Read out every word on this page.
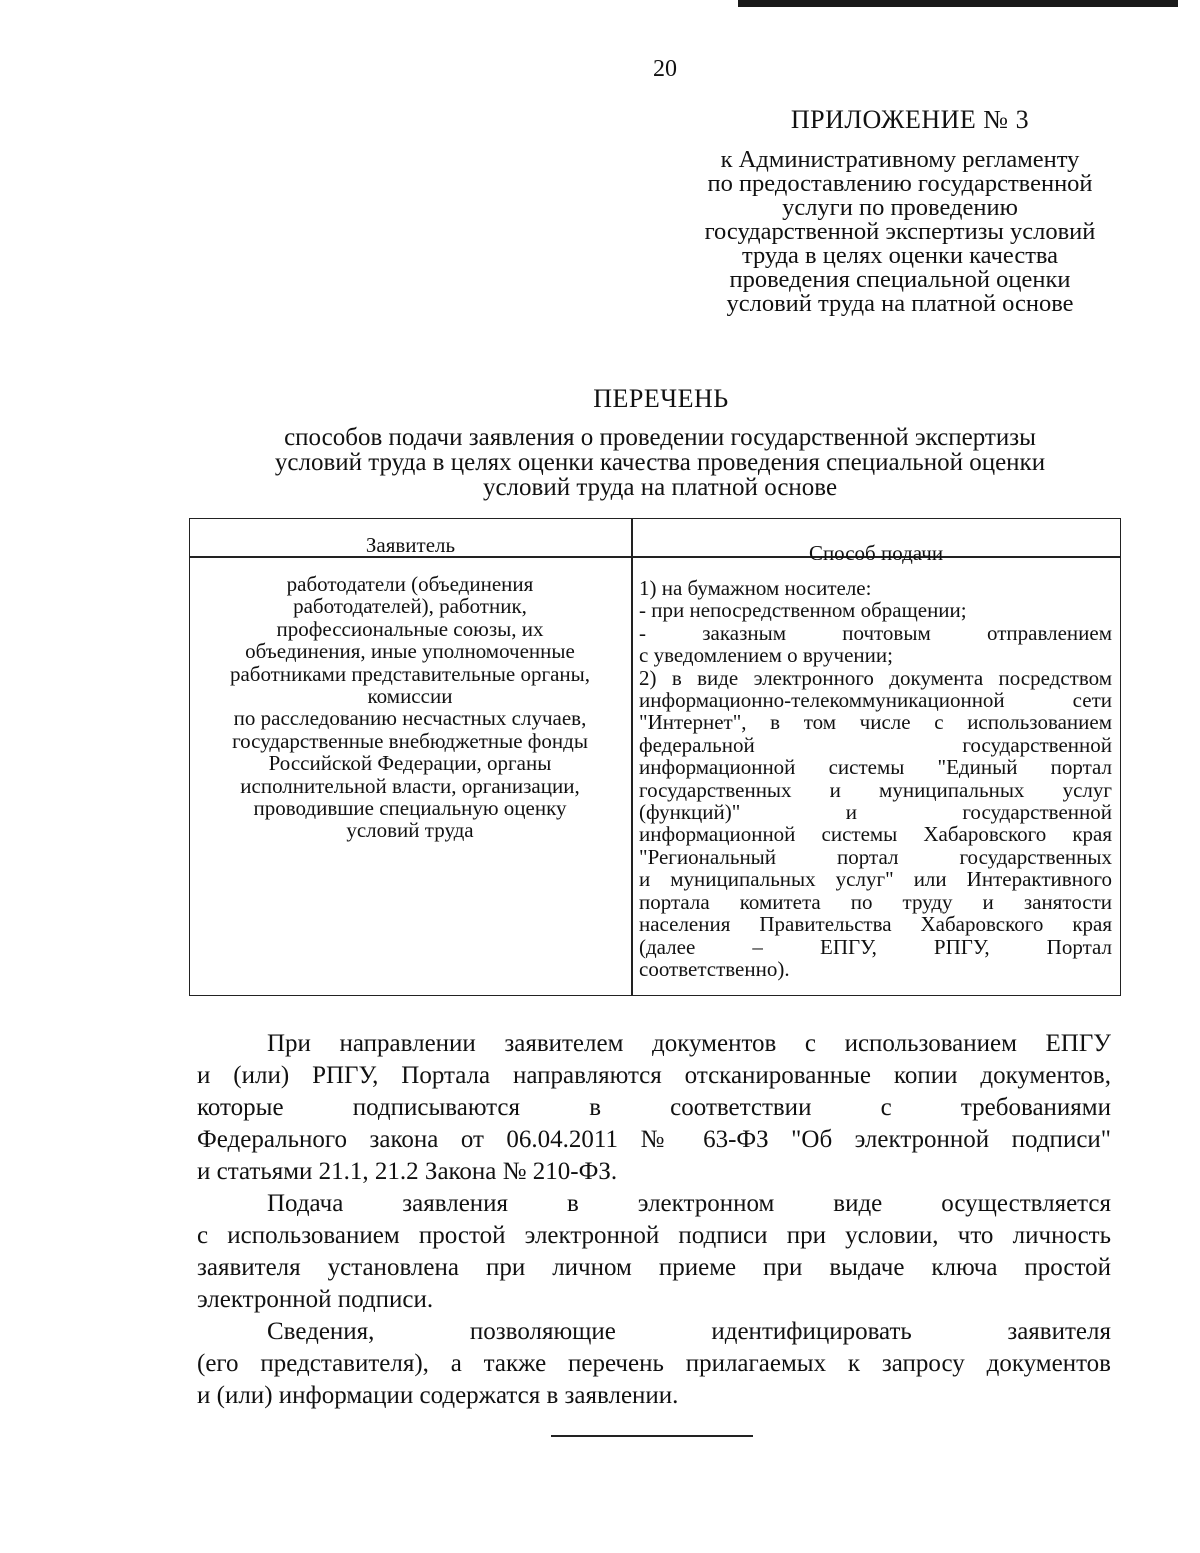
20
ПРИЛОЖЕНИЕ № 3
к Административному регламенту
по предоставлению государственной
услуги по проведению
государственной экспертизы условий
труда в целях оценки качества
проведения специальной оценки
условий труда на платной основе
ПЕРЕЧЕНЬ
способов подачи заявления о проведении государственной экспертизы
условий труда в целях оценки качества проведения специальной оценки
условий труда на платной основе
Заявитель	Способ подачи
работодатели (объединения
работодателей), работник,
профессиональные союзы, их
объединения, иные уполномоченные
работниками представительные органы,
комиссии
по расследованию несчастных случаев,
государственные внебюджетные фонды
Российской Федерации, органы
исполнительной власти, организации,
проводившие специальную оценку
условий труда
1) на бумажном носителе:
- при непосредственном обращении;
- заказным почтовым отправлением
с уведомлением о вручении;
2) в виде электронного документа посредством
информационно-телекоммуникационной сети
"Интернет", в том числе с использованием
федеральной государственной
информационной системы "Единый портал
государственных и муниципальных услуг
(функций)" и государственной
информационной системы Хабаровского края
"Региональный портал государственных
и муниципальных услуг" или Интерактивного
портала комитета по труду и занятости
населения Правительства Хабаровского края
(далее – ЕПГУ, РПГУ, Портал
соответственно).
При направлении заявителем документов с использованием ЕПГУ
и (или) РПГУ, Портала направляются отсканированные копии документов,
которые подписываются в соответствии с требованиями
Федерального закона от 06.04.2011 № 63-ФЗ "Об электронной подписи"
и статьями 21.1, 21.2 Закона № 210-ФЗ.
Подача заявления в электронном виде осуществляется
с использованием простой электронной подписи при условии, что личность
заявителя установлена при личном приеме при выдаче ключа простой
электронной подписи.
Сведения, позволяющие идентифицировать заявителя
(его представителя), а также перечень прилагаемых к запросу документов
и (или) информации содержатся в заявлении.
